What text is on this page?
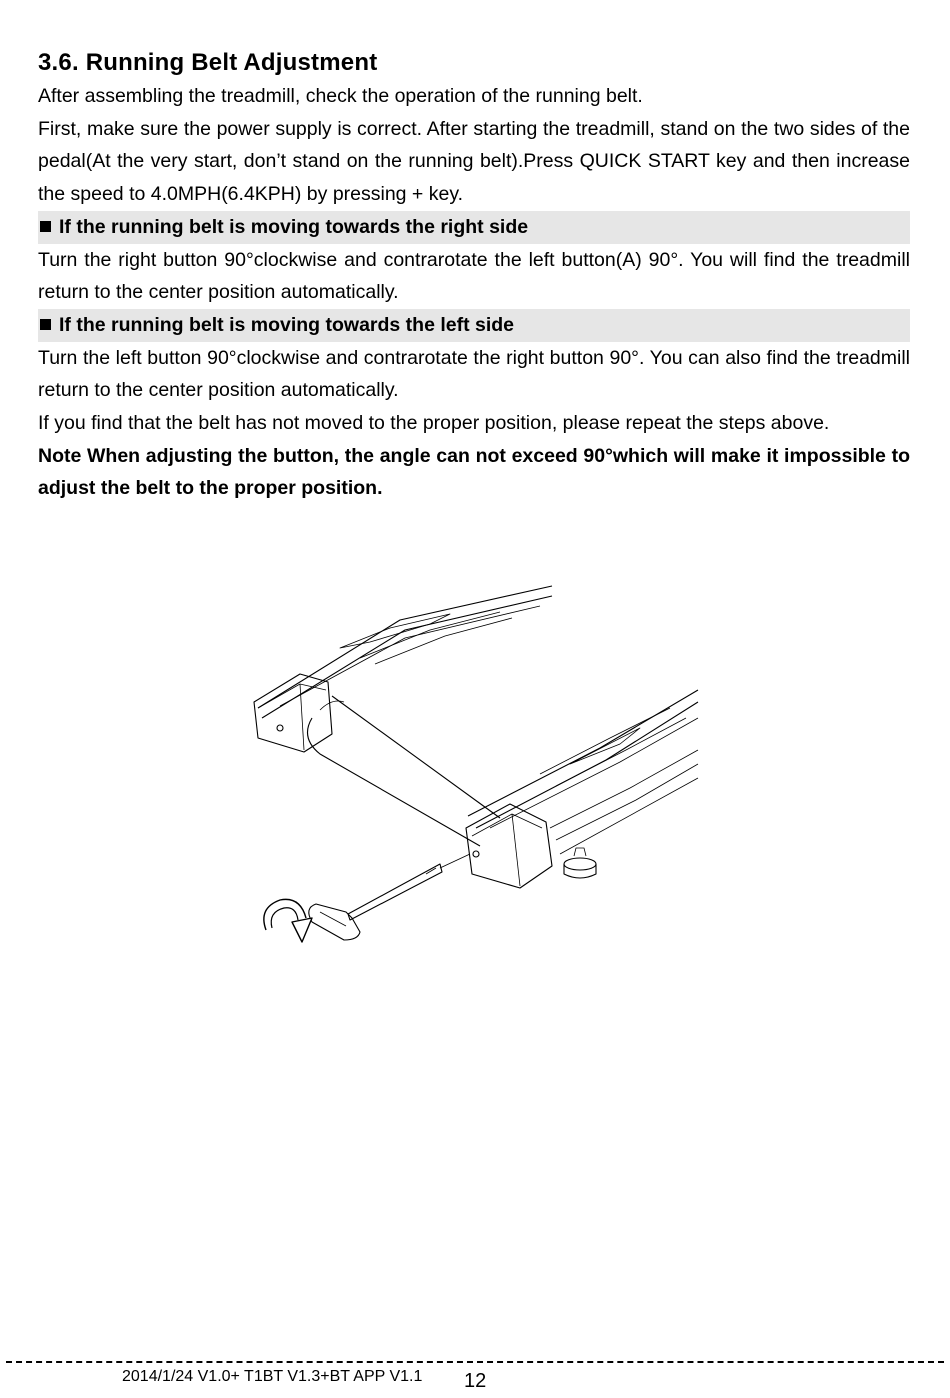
3.6. Running Belt Adjustment

After assembling the treadmill, check the operation of the running belt.

First, make sure the power supply is correct. After starting the treadmill, stand on the two sides of the pedal(At the very start, don’t stand on the running belt).Press QUICK START key and then increase the speed to 4.0MPH(6.4KPH) by pressing + key.

If the running belt is moving towards the right side

Turn the right button 90°clockwise and contrarotate the left button(A) 90°. You will find the treadmill return to the center position automatically.

If the running belt is moving towards the left side

Turn the left button 90°clockwise and contrarotate the right button 90°. You can also find the treadmill return to the center position automatically.

If you find that the belt has not moved to the proper position, please repeat the steps above.

Note When adjusting the button, the angle can not exceed 90°which will make it impossible to adjust the belt to the proper position.

2014/1/24 V1.0+ T1BT V1.3+BT APP V1.1 12
